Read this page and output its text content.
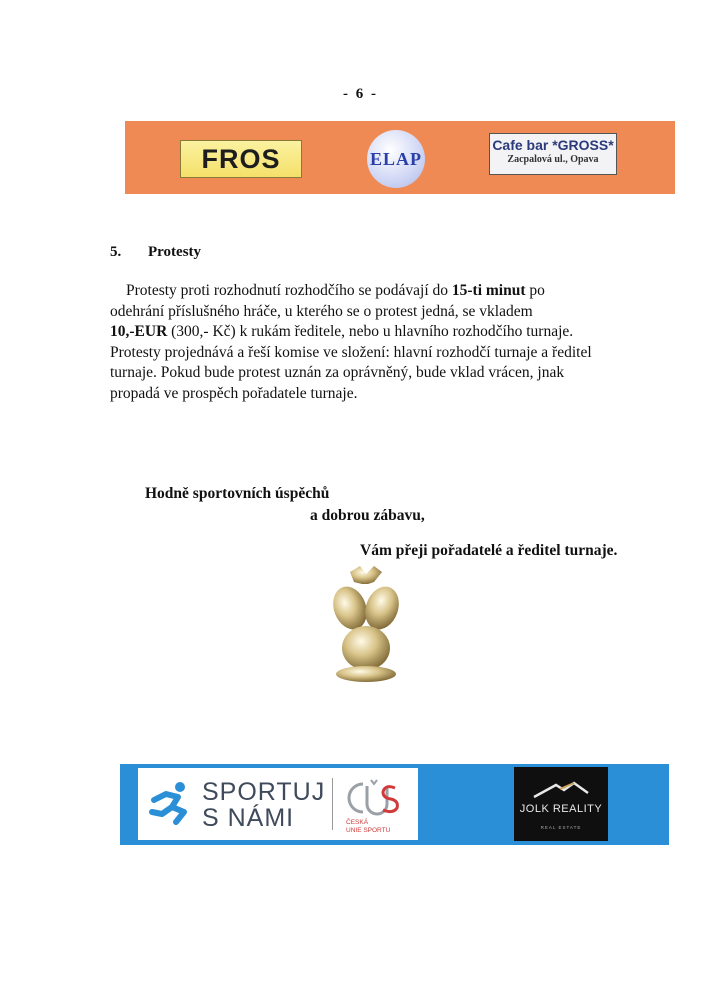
- 6 -
FROS	ELAP
Cafe bar *GROSS*
Zacpalová ul., Opava
5. Protesty
Protesty proti rozhodnutí rozhodčího se podávají do 15-ti minut po
odehrání příslušného hráče, u kterého se o protest jedná, se vkladem
10,-EUR (300,- Kč) k rukám ředitele, nebo u hlavního rozhodčího turnaje.
Protesty projednává a řeší komise ve složení: hlavní rozhodčí turnaje a ředitel
turnaje. Pokud bude protest uznán za oprávněný, bude vklad vrácen, jnak
propadá ve prospěch pořadatele turnaje.
Hodně sportovních úspěchů
a dobrou zábavu,
Vám přeji pořadatelé a ředitel turnaje.
SPORTUJ
S NÁMI	ČESKÁ
UNIE SPORTU
JOLK REALITY
REAL ESTATE
